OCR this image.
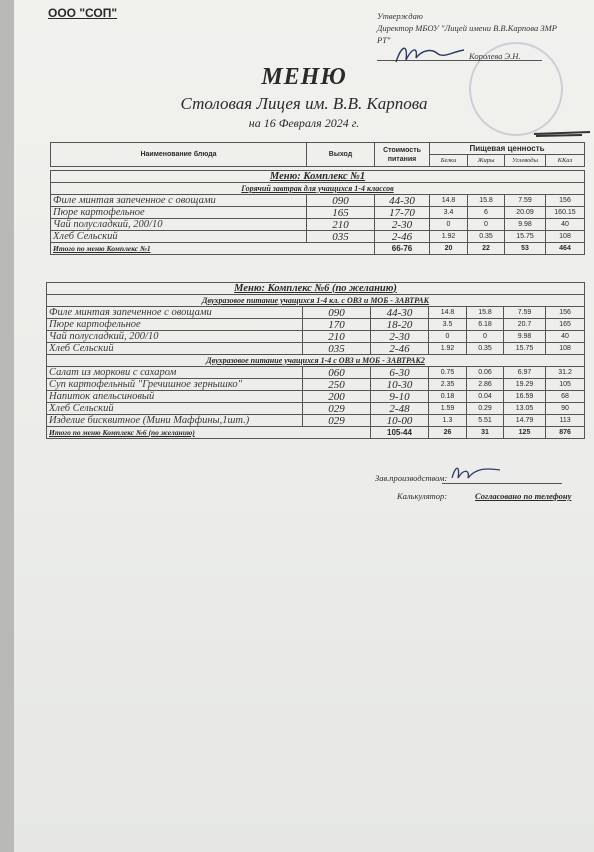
ООО "СОП"	Утверждаю
Директор МБОУ "Лицей имени В.В.Карпова ЗМР
РТ"
Королева Э.Н.
МЕНЮ
Столовая Лицея им. В.В. Карпова
на 16 Февраля 2024 г.
Наименование блюда	Выход	Стоимость питания	Пищевая ценность			
			Белки	Жиры	Углеводы	ККал
Меню: Комплекс №1						
Горячий завтрак для учащихся 1-4 классов						
Филе минтая запеченное с овощами	090	44-30	14.8	15.8	7.59	156
Пюре картофельное	165	17-70	3.4	6	20.09	160.15
Чай полусладкий, 200/10	210	2-30	0	0	9.98	40
Хлеб Сельский	035	2-46	1.92	0.35	15.75	108
Итого по меню Комплекс №1		66-76	20	22	53	464
Меню: Комплекс №6 (по желанию)						
Двухразовое питание учащихся 1-4 кл. с ОВЗ и МОБ - ЗАВТРАК						
Филе минтая запеченное с овощами	090	44-30	14.8	15.8	7.59	156
Пюре картофельное	170	18-20	3.5	6.18	20.7	165
Чай полусладкий, 200/10	210	2-30	0	0	9.98	40
Хлеб Сельский	035	2-46	1.92	0.35	15.75	108
Двухразовое питание учащихся 1-4 с ОВЗ и МОБ - ЗАВТРАК2						
Салат из моркови с сахаром	060	6-30	0.75	0.06	6.97	31.2
Суп картофельный "Гречишное зернышко"	250	10-30	2.35	2.86	19.29	105
Напиток апельсиновый	200	9-10	0.18	0.04	16.59	68
Хлеб Сельский	029	2-48	1.59	0.29	13.05	90
Изделие бисквитное (Мини Маффины,1шт.)	029	10-00	1.3	5.51	14.79	113
Итого по меню Комплекс №6 (по желанию)		105-44	26	31	125	876
Зав.производством:
Калькулятор:	Согласовано по телефону
